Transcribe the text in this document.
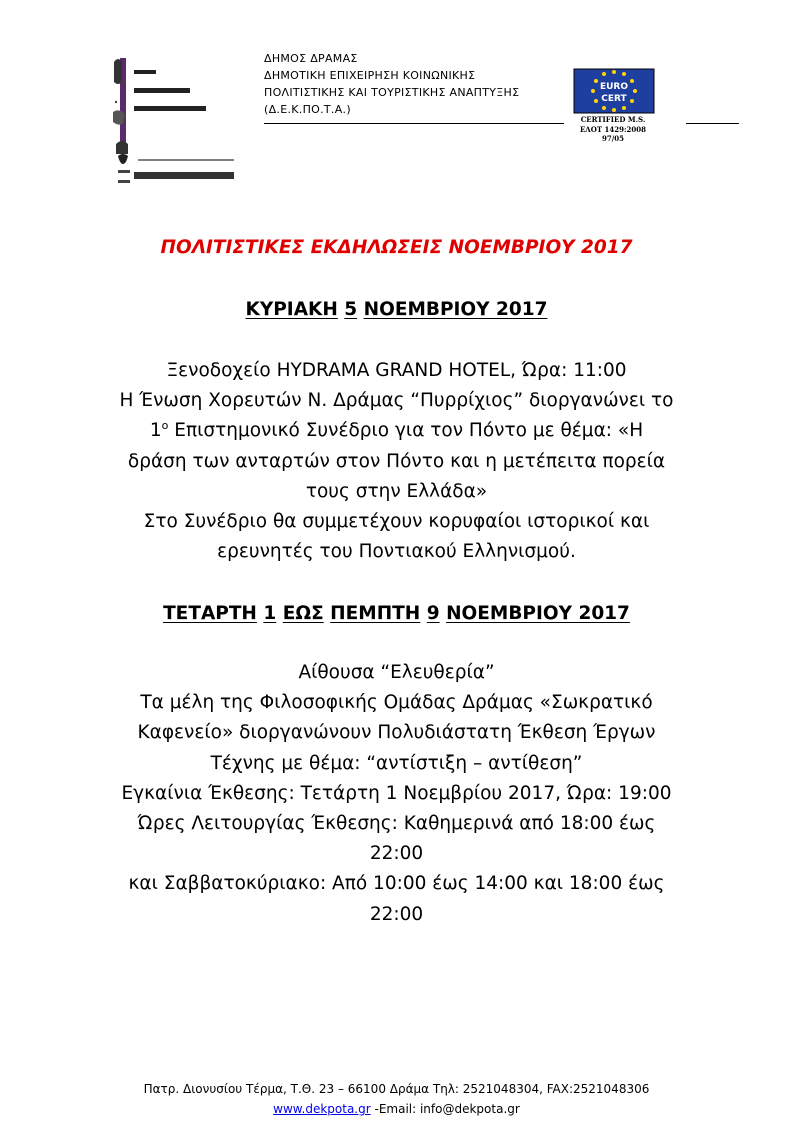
ΔΗΜΟΣ ΔΡΑΜΑΣ
ΔΗΜΟΤΙΚΗ ΕΠΙΧΕΙΡΗΣΗ ΚΟΙΝΩΝΙΚΗΣ
ΠΟΛΙΤΙΣΤΙΚΗΣ ΚΑΙ ΤΟΥΡΙΣΤΙΚΗΣ ΑΝΑΠΤΥΞΗΣ
(Δ.Ε.Κ.ΠΟ.Τ.Α.)
EURO
CERT
CERTIFIED M.S.
ΕΛΟΤ 1429:2008
97/05
ΠΟΛΙΤΙΣΤΙΚΕΣ ΕΚΔΗΛΩΣΕΙΣ ΝΟΕΜΒΡΙΟΥ 2017
ΚΥΡΙΑΚΗ 5 ΝΟΕΜΒΡΙΟΥ 2017
Ξενοδοχείο HYDRAMA GRAND HOTEL, Ώρα: 11:00
Η Ένωση Χορευτών Ν. Δράμας “Πυρρίχιος” διοργανώνει το
$1^o$ Επιστημονικό Συνέδριο για τον Πόντο με θέμα: «Η
δράση των ανταρτών στον Πόντο και η μετέπειτα πορεία
τους στην Ελλάδα»
Στο Συνέδριο θα συμμετέχουν κορυφαίοι ιστορικοί και
ερευνητές του Ποντιακού Ελληνισμού.
ΤΕΤΑΡΤΗ 1 ΕΩΣ ΠΕΜΠΤΗ 9 ΝΟΕΜΒΡΙΟΥ 2017
Αίθουσα “Ελευθερία”
Τα μέλη της Φιλοσοφικής Ομάδας Δράμας «Σωκρατικό
Καφενείο» διοργανώνουν Πολυδιάστατη Έκθεση Έργων
Τέχνης με θέμα: “αντίστιξη – αντίθεση”
Εγκαίνια Έκθεσης: Τετάρτη 1 Νοεμβρίου 2017, Ώρα: 19:00
Ώρες Λειτουργίας Έκθεσης: Καθημερινά από 18:00 έως
22:00
και Σαββατοκύριακο: Από 10:00 έως 14:00 και 18:00 έως
22:00
Πατρ. Διονυσίου Τέρμα, Τ.Θ. 23 – 66100 Δράμα Τηλ: 2521048304, FAX:2521048306
www.dekpota.gr -Email: info@dekpota.gr
